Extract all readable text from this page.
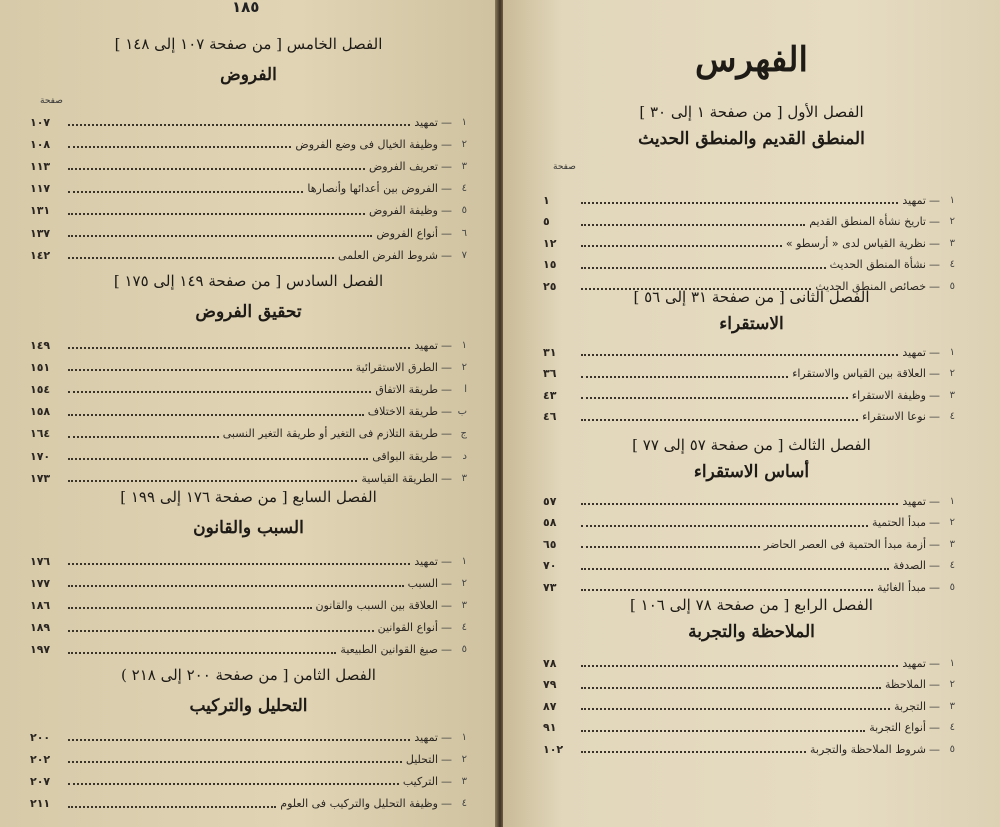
١٨٥
صفحة
الفصل الخامس [ من صفحة ١٠٧ إلى ١٤٨ ]
الفروض
١
—
تمهيد
١٠٧
٢
—
وظيفة الخيال فى وضع الفروض
١٠٨
٣
—
تعريف الفروض
١١٣
٤
—
الفروض بين أعدائها وأنصارها
١١٧
٥
—
وظيفة الفروض
١٣١
٦
—
أنواع الفروض
١٣٧
٧
—
شروط الفرض العلمى
١٤٢
الفصل السادس [ من صفحة ١٤٩ إلى ١٧٥ ]
تحقيق الفروض
١
—
تمهيد
١٤٩
٢
—
الطرق الاستقرائية
١٥١
ا
—
طريقة الاتفاق
١٥٤
ب
—
طريقة الاختلاف
١٥٨
ج
—
طريقة التلازم فى التغير أو طريقة التغير النسبى
١٦٤
د
—
طريقة البواقى
١٧٠
٣
—
الطريقة القياسية
١٧٣
الفصل السابع [ من صفحة ١٧٦ إلى ١٩٩ ]
السبب والقانون
١
—
تمهيد
١٧٦
٢
—
السبب
١٧٧
٣
—
العلاقة بين السبب والقانون
١٨٦
٤
—
أنواع القوانين
١٨٩
٥
—
صيغ القوانين الطبيعية
١٩٧
الفصل الثامن [ من صفحة ٢٠٠ إلى ٢١٨ )
التحليل والتركيب
١
—
تمهيد
٢٠٠
٢
—
التحليل
٢٠٢
٣
—
التركيب
٢٠٧
٤
—
وظيفة التحليل والتركيب فى العلوم
٢١١
الفهرس
صفحة
الفصل الأول [ من صفحة ١ إلى ٣٠ ]
المنطق القديم والمنطق الحديث
١
—
تمهيد
١
٢
—
تاريخ نشأة المنطق القديم
٥
٣
—
نظرية القياس لدى « أرسطو »
١٢
٤
—
نشأة المنطق الحديث
١٥
٥
—
خصائص المنطق الحديث
٢٥
الفصل الثانى [ من صفحة ٣١ إلى ٥٦ ]
الاستقراء
١
—
تمهيد
٣١
٢
—
العلاقة بين القياس والاستقراء
٣٦
٣
—
وظيفة الاستقراء
٤٣
٤
—
نوعا الاستقراء
٤٦
الفصل الثالث [ من صفحة ٥٧ إلى ٧٧ ]
أساس الاستقراء
١
—
تمهيد
٥٧
٢
—
مبدأ الحتمية
٥٨
٣
—
أزمة مبدأ الحتمية فى العصر الحاضر
٦٥
٤
—
الصدفة
٧٠
٥
—
مبدأ الغائية
٧٣
الفصل الرابع [ من صفحة ٧٨ إلى ١٠٦ ]
الملاحظة والتجربة
١
—
تمهيد
٧٨
٢
—
الملاحظة
٧٩
٣
—
التجربة
٨٧
٤
—
أنواع التجربة
٩١
٥
—
شروط الملاحظة والتجربة
١٠٢
